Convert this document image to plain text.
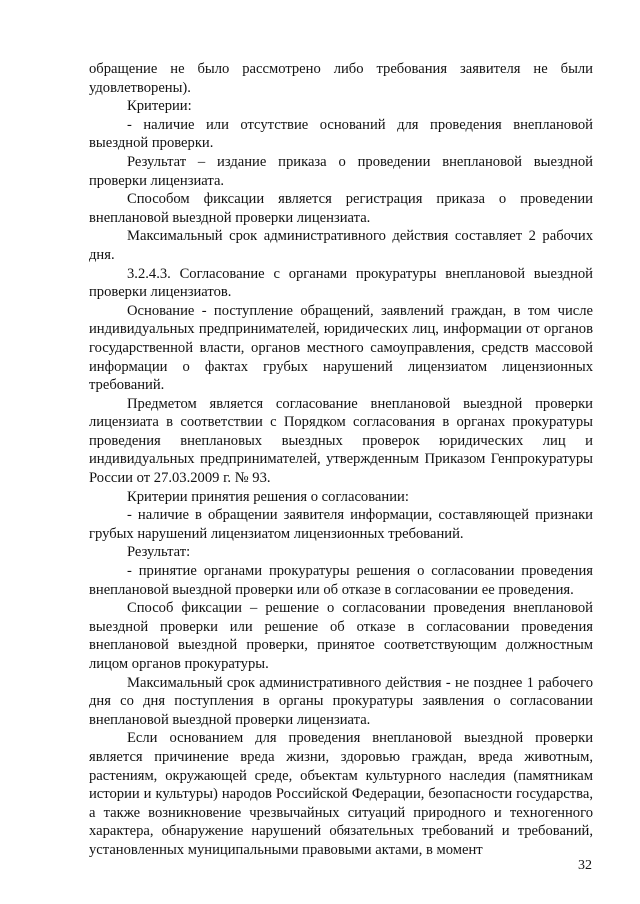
обращение не было рассмотрено либо требования заявителя не были удовлетворены).

Критерии:

- наличие или отсутствие оснований для проведения внеплановой выездной проверки.

Результат – издание приказа о проведении внеплановой выездной проверки лицензиата.

Способом фиксации является регистрация приказа о проведении внеплановой выездной проверки лицензиата.

Максимальный срок административного действия составляет 2 рабочих дня.

3.2.4.3. Согласование с органами прокуратуры внеплановой выездной проверки лицензиатов.

Основание - поступление обращений, заявлений граждан, в том числе индивидуальных предпринимателей, юридических лиц, информации от органов государственной власти, органов местного самоуправления, средств массовой информации о фактах грубых нарушений лицензиатом лицензионных требований.

Предметом является согласование внеплановой выездной проверки лицензиата в соответствии с Порядком согласования в органах прокуратуры проведения внеплановых выездных проверок юридических лиц и индивидуальных предпринимателей, утвержденным Приказом Генпрокуратуры России от 27.03.2009 г. № 93.

Критерии принятия решения о согласовании:

- наличие в обращении заявителя информации, составляющей признаки грубых нарушений лицензиатом лицензионных требований.

Результат:

- принятие органами прокуратуры решения о согласовании проведения внеплановой выездной проверки или об отказе в согласовании ее проведения.

Способ фиксации – решение о согласовании проведения внеплановой выездной проверки или решение об отказе в согласовании проведения внеплановой выездной проверки, принятое соответствующим должностным лицом органов прокуратуры.

Максимальный срок административного действия - не позднее 1 рабочего дня со дня поступления в органы прокуратуры заявления о согласовании внеплановой выездной проверки лицензиата.

Если основанием для проведения внеплановой выездной проверки является причинение вреда жизни, здоровью граждан, вреда животным, растениям, окружающей среде, объектам культурного наследия (памятникам истории и культуры) народов Российской Федерации, безопасности государства, а также возникновение чрезвычайных ситуаций природного и техногенного характера, обнаружение нарушений обязательных требований и требований, установленных муниципальными правовыми актами, в момент

32
